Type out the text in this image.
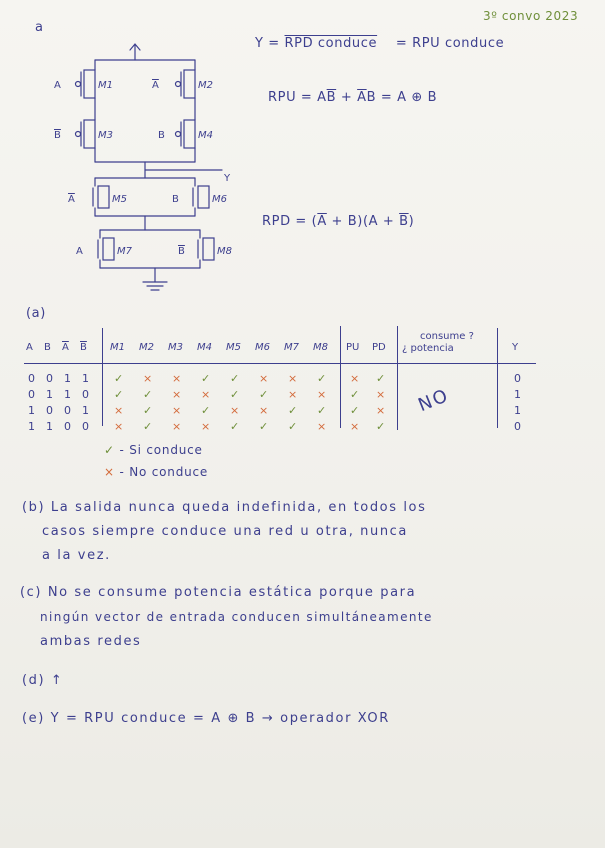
a
3º convo 2023
Y = RPD conduce = RPU conduce
RPU = $A\overline{B} + \overline{A}B = A$ ⊕ B
RPD = $(\overline{A} + B)(A + \overline{B})$
A	M1
B	M3
A	M2
B	M4
Y
A	M5	B	M6
A	M7	B	M8
(a)
A B $\overline{A}$ $\overline{B}$	M1 M2 M3 M4 M5 M6 M7 M8	PU PD
consume ?
¿ potencia	Y
0 0 1 1 ✓ × × ✓ ✓ × × ✓ × ✓	0
0 1 1 0 ✓ ✓ × × ✓ ✓ × × ✓ ×	1
1 0 0 1 × ✓ × ✓ × × ✓ ✓ ✓ ×	1
1 1 0 0 × ✓ × × ✓ ✓ ✓ × × ✓	0
NO
✓ - Si conduce
× - No conduce
(b) La salida nunca queda indefinida, en todos los
casos siempre conduce una red u otra, nunca
a la vez.
(c) No se consume potencia estática porque para
ningún vector de entrada conducen simultáneamente
ambas redes
(d) ↑
(e) Y = RPU conduce = A ⊕ B → operador XOR
